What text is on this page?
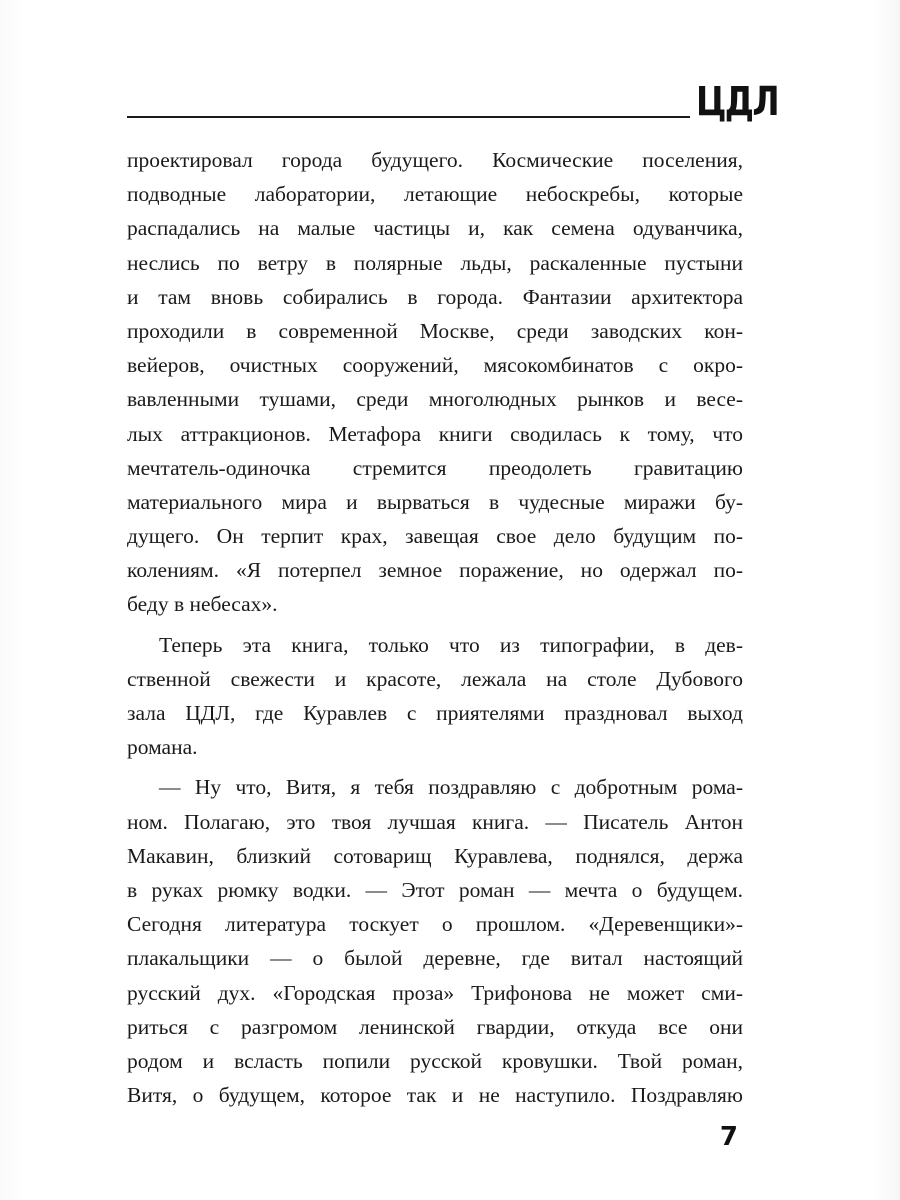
ЦДЛ
проектировал города будущего. Космические поселения,
подводные лаборатории, летающие небоскребы, которые
распадались на малые частицы и, как семена одуванчика,
неслись по ветру в полярные льды, раскаленные пустыни
и там вновь собирались в города. Фантазии архитектора
проходили в современной Москве, среди заводских кон-
вейеров, очистных сооружений, мясокомбинатов с окро-
вавленными тушами, среди многолюдных рынков и весе-
лых аттракционов. Метафора книги сводилась к тому, что
мечтатель-одиночка стремится преодолеть гравитацию
материального мира и вырваться в чудесные миражи бу-
дущего. Он терпит крах, завещая свое дело будущим по-
колениям. «Я потерпел земное поражение, но одержал по-
беду в небесах».
Теперь эта книга, только что из типографии, в дев-
ственной свежести и красоте, лежала на столе Дубового
зала ЦДЛ, где Куравлев с приятелями праздновал выход
романа.
— Ну что, Витя, я тебя поздравляю с добротным рома-
ном. Полагаю, это твоя лучшая книга. — Писатель Антон
Макавин, близкий сотоварищ Куравлева, поднялся, держа
в руках рюмку водки. — Этот роман — мечта о будущем.
Сегодня литература тоскует о прошлом. «Деревенщики»-
плакальщики — о былой деревне, где витал настоящий
русский дух. «Городская проза» Трифонова не может сми-
риться с разгромом ленинской гвардии, откуда все они
родом и всласть попили русской кровушки. Твой роман,
Витя, о будущем, которое так и не наступило. Поздравляю
7
